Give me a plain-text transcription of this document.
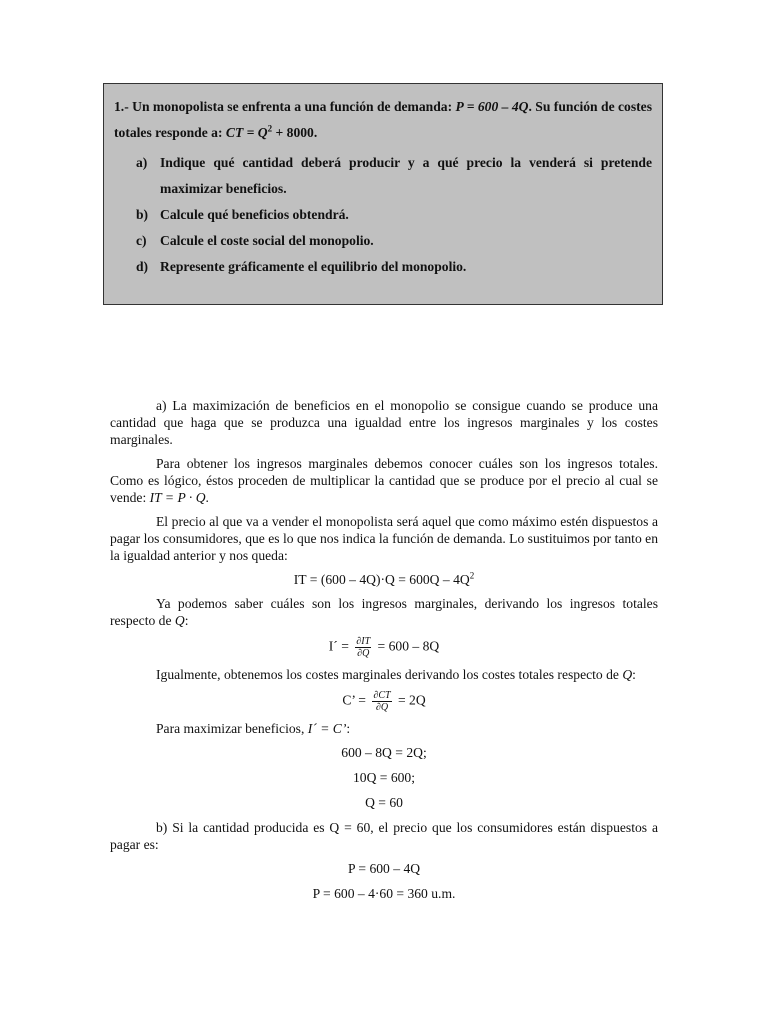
1.- Un monopolista se enfrenta a una función de demanda: P = 600 – 4Q. Su función de costes totales responde a: CT = $Q^2 + 8000$.
a) Indique qué cantidad deberá producir y a qué precio la venderá si pretende maximizar beneficios.
b) Calcule qué beneficios obtendrá.
c) Calcule el coste social del monopolio.
d) Represente gráficamente el equilibrio del monopolio.

a) La maximización de beneficios en el monopolio se consigue cuando se produce una cantidad que haga que se produzca una igualdad entre los ingresos marginales y los costes marginales.

Para obtener los ingresos marginales debemos conocer cuáles son los ingresos totales. Como es lógico, éstos proceden de multiplicar la cantidad que se produce por el precio al cual se vende: IT = P · Q.

El precio al que va a vender el monopolista será aquel que como máximo estén dispuestos a pagar los consumidores, que es lo que nos indica la función de demanda. Lo sustituimos por tanto en la igualdad anterior y nos queda:

IT = $(600 - 4Q)\cdot Q = 600Q - 4Q^2$

Ya podemos saber cuáles son los ingresos marginales, derivando los ingresos totales respecto de Q:

I´ = $\frac{\partial IT}{\partial Q} = 600 - 8Q$

Igualmente, obtenemos los costes marginales derivando los costes totales respecto de Q:

C’ = $\frac{\partial CT}{\partial Q} = 2Q$

Para maximizar beneficios, I´ = C’:

600 – 8Q = 2Q;
10Q = 600;
Q = 60

b) Si la cantidad producida es Q = 60, el precio que los consumidores están dispuestos a pagar es:

P = 600 – 4Q
P = 600 – 4·60 = 360 u.m.
